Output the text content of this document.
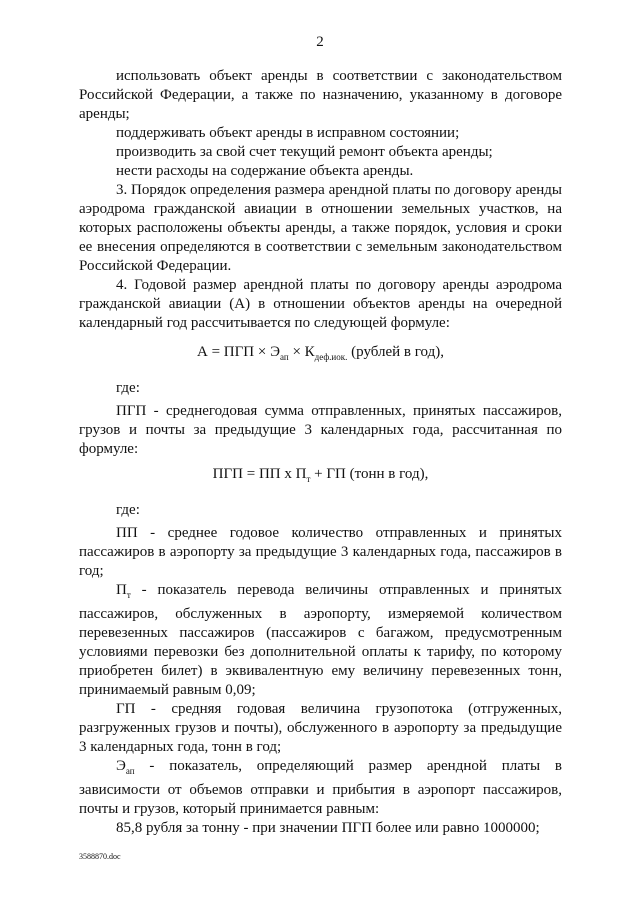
2

использовать объект аренды в соответствии с законодательством Российской Федерации, а также по назначению, указанному в договоре аренды;

поддерживать объект аренды в исправном состоянии;

производить за свой счет текущий ремонт объекта аренды;

нести расходы на содержание объекта аренды.

3. Порядок определения размера арендной платы по договору аренды аэродрома гражданской авиации в отношении земельных участков, на которых расположены объекты аренды, а также порядок, условия и сроки ее внесения определяются в соответствии с земельным законодательством Российской Федерации.

4. Годовой размер арендной платы по договору аренды аэродрома гражданской авиации (А) в отношении объектов аренды на очередной календарный год рассчитывается по следующей формуле:

А = ПГП × $Э_{ап} \times К_{деф.иок.}$ (рублей в год),

где:

ПГП - среднегодовая сумма отправленных, принятых пассажиров, грузов и почты за предыдущие 3 календарных года, рассчитанная по формуле:

ПГП = ПП х $П_т$ + ГП (тонн в год),

где:

ПП - среднее годовое количество отправленных и принятых пассажиров в аэропорту за предыдущие 3 календарных года, пассажиров в год;

$П_т$ - показатель перевода величины отправленных и принятых пассажиров, обслуженных в аэропорту, измеряемой количеством перевезенных пассажиров (пассажиров с багажом, предусмотренным условиями перевозки без дополнительной оплаты к тарифу, по которому приобретен билет) в эквивалентную ему величину перевезенных тонн, принимаемый равным 0,09;

ГП - средняя годовая величина грузопотока (отгруженных, разгруженных грузов и почты), обслуженного в аэропорту за предыдущие 3 календарных года, тонн в год;

$Э_{ап}$ - показатель, определяющий размер арендной платы в зависимости от объемов отправки и прибытия в аэропорт пассажиров, почты и грузов, который принимается равным:

85,8 рубля за тонну - при значении ПГП более или равно 1000000;

3588870.doc
